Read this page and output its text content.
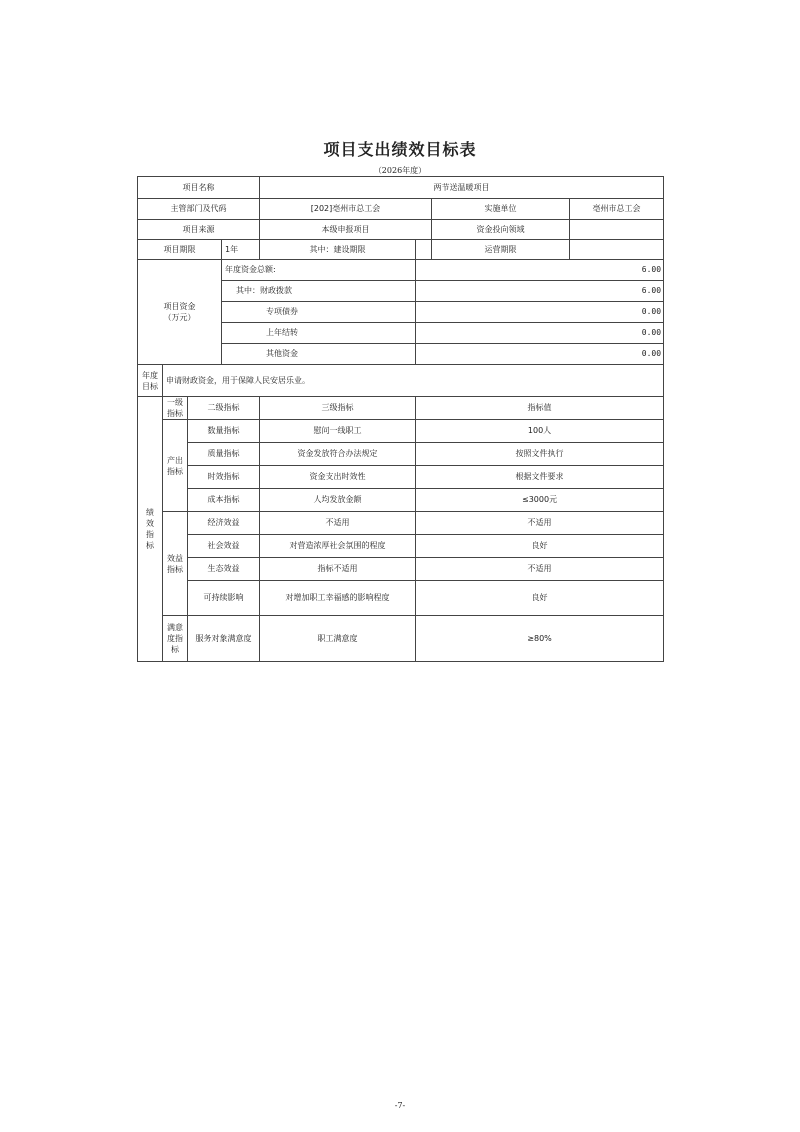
项目支出绩效目标表
（2026年度）
项目名称				两节送温暖项目			
主管部门及代码				[202]亳州市总工会		实施单位	亳州市总工会
项目来源				本级申报项目		资金投向领域	
项目期限			1年	其中：建设期限		运营期限	
项目资金
（万元）			年度资金总额:		6.00		
			其中：财政拨款		6.00		
			专项债券		0.00		
			上年结转		0.00		
			其他资金		0.00		
年度
目标	申请财政资金，用于保障人民安居乐业。						
绩
效
指
标	一级
指标	二级指标		三级指标	指标值		
	产出
指标	数量指标		慰问一线职工	100人		
		质量指标		资金发放符合办法规定	按照文件执行		
		时效指标		资金支出时效性	根据文件要求		
		成本指标		人均发放金额	≤3000元		
	效益
指标	经济效益		不适用	不适用		
		社会效益		对营造浓厚社会氛围的程度	良好		
		生态效益		指标不适用	不适用		
		可持续影响		对增加职工幸福感的影响程度	良好		
	满意
度指
标	服务对象满意度		职工满意度	≥80%		
-7-
